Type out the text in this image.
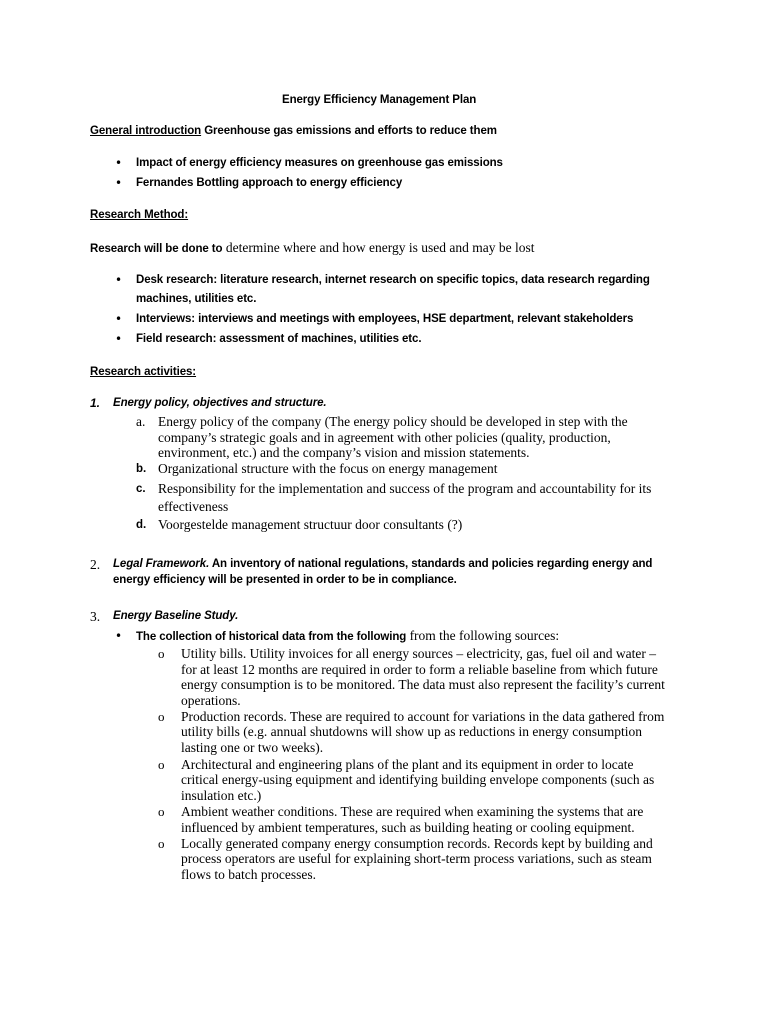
Energy Efficiency Management Plan
General introduction Greenhouse gas emissions and efforts to reduce them
• Impact of energy efficiency measures on greenhouse gas emissions
• Fernandes Bottling approach to energy efficiency
Research Method:
Research will be done to determine where and how energy is used and may be lost
• Desk research: literature research, internet research on specific topics, data research regarding
machines, utilities etc.
• Interviews: interviews and meetings with employees, HSE department, relevant stakeholders
• Field research: assessment of machines, utilities etc.
Research activities:
1. Energy policy, objectives and structure.
a. Energy policy of the company (The energy policy should be developed in step with the
company’s strategic goals and in agreement with other policies (quality, production,
environment, etc.) and the company’s vision and mission statements.
b. Organizational structure with the focus on energy management
c. Responsibility for the implementation and success of the program and accountability for its
effectiveness
d. Voorgestelde management structuur door consultants (?)
2. Legal Framework. An inventory of national regulations, standards and policies regarding energy and
energy efficiency will be presented in order to be in compliance.
3. Energy Baseline Study.
• The collection of historical data from the following from the following sources:
o Utility bills. Utility invoices for all energy sources – electricity, gas, fuel oil and water –
for at least 12 months are required in order to form a reliable baseline from which future
energy consumption is to be monitored. The data must also represent the facility’s current
operations.
o Production records. These are required to account for variations in the data gathered from
utility bills (e.g. annual shutdowns will show up as reductions in energy consumption
lasting one or two weeks).
o Architectural and engineering plans of the plant and its equipment in order to locate
critical energy-using equipment and identifying building envelope components (such as
insulation etc.)
o Ambient weather conditions. These are required when examining the systems that are
influenced by ambient temperatures, such as building heating or cooling equipment.
o Locally generated company energy consumption records. Records kept by building and
process operators are useful for explaining short-term process variations, such as steam
flows to batch processes.
